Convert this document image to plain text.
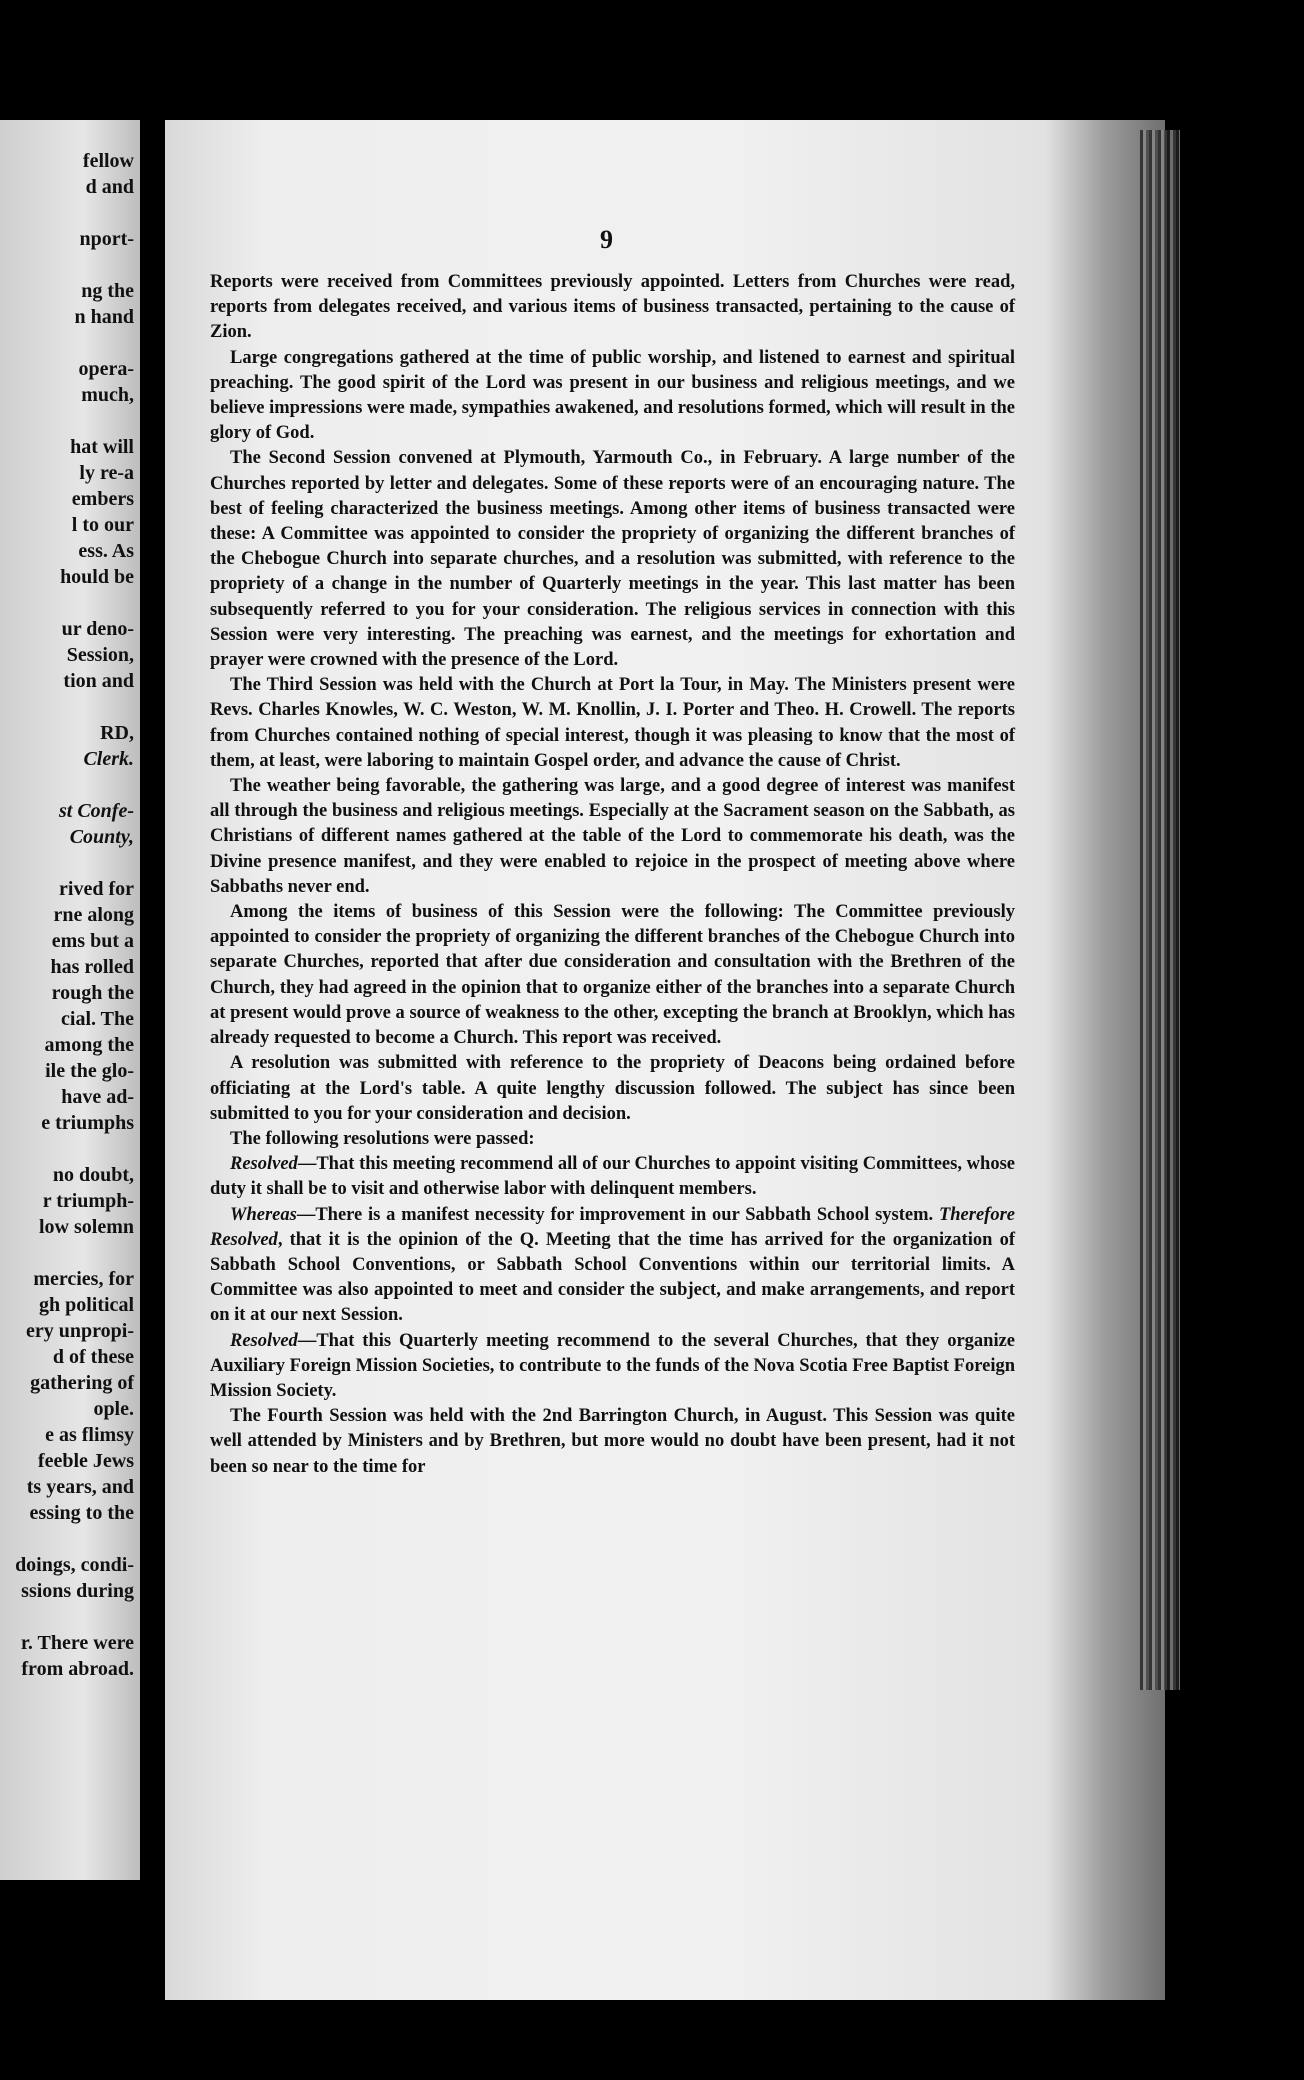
fellow
d and
nport-
ng the
n hand
opera-
much,
hat will
ly re-a
embers
l to our
ess. As
hould be
ur deno-
Session,
tion and
RD,
Clerk.
st Confe-
County,
rived for
rne along
ems but a
has rolled
rough the
cial. The
among the
ile the glo-
have ad-
e triumphs
no doubt,
r triumph-
low solemn
mercies, for
gh political
ery unpropi-
d of these
gathering of
ople.
e as flimsy
feeble Jews
ts years, and
essing to the
doings, condi-
ssions during
r. There were
from abroad.
9

Reports were received from Committees previously appointed. Letters from Churches were read, reports from delegates received, and various items of business transacted, pertaining to the cause of Zion.

Large congregations gathered at the time of public worship, and listened to earnest and spiritual preaching. The good spirit of the Lord was present in our business and religious meetings, and we believe impressions were made, sympathies awakened, and resolutions formed, which will result in the glory of God.

The Second Session convened at Plymouth, Yarmouth Co., in February. A large number of the Churches reported by letter and delegates. Some of these reports were of an encouraging nature. The best of feeling characterized the business meetings. Among other items of business transacted were these: A Committee was appointed to consider the propriety of organizing the different branches of the Chebogue Church into separate churches, and a resolution was submitted, with reference to the propriety of a change in the number of Quarterly meetings in the year. This last matter has been subsequently referred to you for your consideration. The religious services in connection with this Session were very interesting. The preaching was earnest, and the meetings for exhortation and prayer were crowned with the presence of the Lord.

The Third Session was held with the Church at Port la Tour, in May. The Ministers present were Revs. Charles Knowles, W. C. Weston, W. M. Knollin, J. I. Porter and Theo. H. Crowell. The reports from Churches contained nothing of special interest, though it was pleasing to know that the most of them, at least, were laboring to maintain Gospel order, and advance the cause of Christ.

The weather being favorable, the gathering was large, and a good degree of interest was manifest all through the business and religious meetings. Especially at the Sacrament season on the Sabbath, as Christians of different names gathered at the table of the Lord to commemorate his death, was the Divine presence manifest, and they were enabled to rejoice in the prospect of meeting above where Sabbaths never end.

Among the items of business of this Session were the following: The Committee previously appointed to consider the propriety of organizing the different branches of the Chebogue Church into separate Churches, reported that after due consideration and consultation with the Brethren of the Church, they had agreed in the opinion that to organize either of the branches into a separate Church at present would prove a source of weakness to the other, excepting the branch at Brooklyn, which has already requested to become a Church. This report was received.

A resolution was submitted with reference to the propriety of Deacons being ordained before officiating at the Lord's table. A quite lengthy discussion followed. The subject has since been submitted to you for your consideration and decision.

The following resolutions were passed:

Resolved—That this meeting recommend all of our Churches to appoint visiting Committees, whose duty it shall be to visit and otherwise labor with delinquent members.

Whereas—There is a manifest necessity for improvement in our Sabbath School system. Therefore Resolved, that it is the opinion of the Q. Meeting that the time has arrived for the organization of Sabbath School Conventions, or Sabbath School Conventions within our territorial limits. A Committee was also appointed to meet and consider the subject, and make arrangements, and report on it at our next Session.

Resolved—That this Quarterly meeting recommend to the several Churches, that they organize Auxiliary Foreign Mission Societies, to contribute to the funds of the Nova Scotia Free Baptist Foreign Mission Society.

The Fourth Session was held with the 2nd Barrington Church, in August. This Session was quite well attended by Ministers and by Brethren, but more would no doubt have been present, had it not been so near to the time for
